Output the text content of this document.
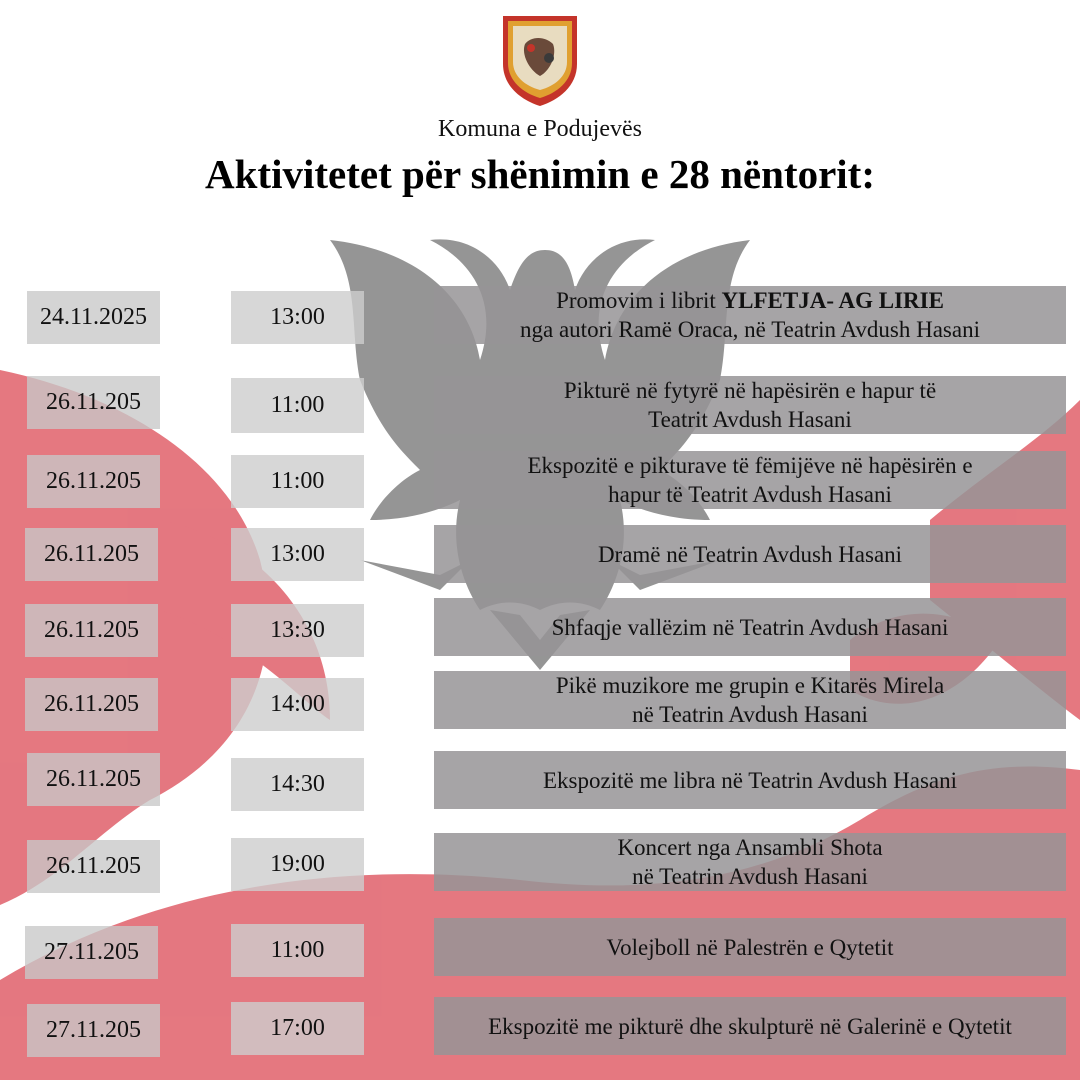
Komuna e Podujevës
Aktivitetet për shënimin e 28 nëntorit:
24.11.2025	13:00
Promovim i librit YLFETJA- AG LIRIE
nga autori Ramë Oraca, në Teatrin Avdush Hasani
26.11.205	11:00
Pikturë në fytyrë në hapësirën e hapur të
Teatrit Avdush Hasani
26.11.205	11:00
Ekspozitë e pikturave të fëmijëve në hapësirën e
hapur të Teatrit Avdush Hasani
26.11.205	13:00	Dramë në Teatrin Avdush Hasani
26.11.205	13:30	Shfaqje vallëzim në Teatrin Avdush Hasani
26.11.205	14:00
Pikë muzikore me grupin e Kitarës Mirela
në Teatrin Avdush Hasani
26.11.205	14:30	Ekspozitë me libra në Teatrin Avdush Hasani
26.11.205	19:00
Koncert nga Ansambli Shota
në Teatrin Avdush Hasani
27.11.205	11:00	Volejboll në Palestrën e Qytetit
27.11.205	17:00	Ekspozitë me pikturë dhe skulpturë në Galerinë e Qytetit
